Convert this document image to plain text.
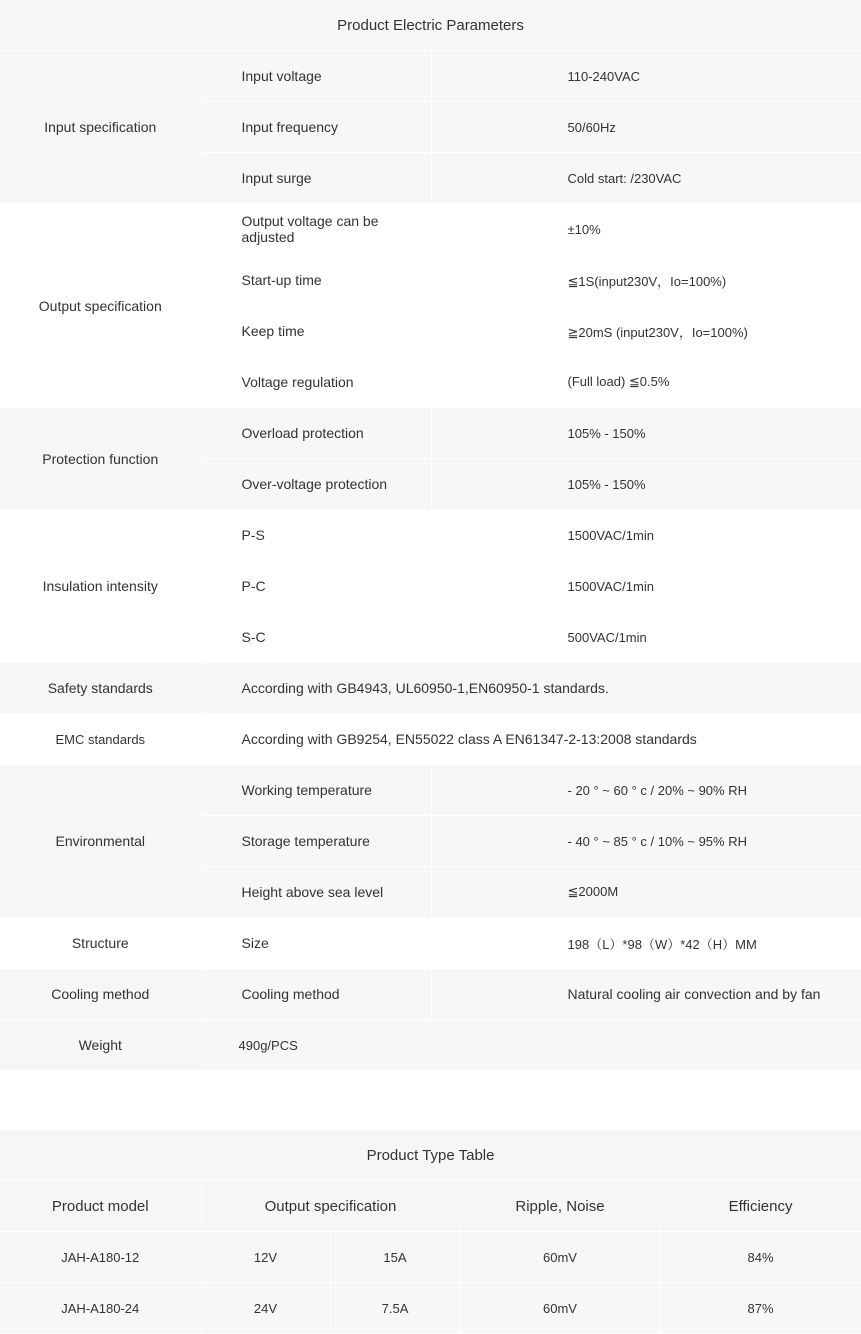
Product Electric Parameters		
Input specification	Input voltage	110-240VAC
	Input frequency	50/60Hz
	Input surge	Cold start: /230VAC
Output specification	Output voltage can be adjusted	±10%
	Start-up time	≦1S(input230V，Io=100%)
	Keep time	≧20mS (input230V，Io=100%)
	Voltage regulation	(Full load) ≦0.5%
Protection function	Overload protection	105% - 150%
	Over-voltage protection	105% - 150%
Insulation intensity	P-S	1500VAC/1min
	P-C	1500VAC/1min
	S-C	500VAC/1min
Safety standards	According with GB4943, UL60950-1,EN60950-1 standards.	
EMC standards	According with GB9254, EN55022 class A EN61347-2-13:2008 standards	
Environmental	Working temperature	- 20 ° ~ 60 ° c / 20% ~ 90% RH
	Storage temperature	- 40 ° ~ 85 ° c / 10% ~ 95% RH
	Height above sea level	≦2000M
Structure	Size	198（L）*98（W）*42（H）MM
Cooling method	Cooling method	Natural cooling air convection and by fan
Weight	490g/PCS	
Product Type Table				
Product model	Output specification		Ripple, Noise	Efficiency
JAH-A180-12	12V	15A	60mV	84%
JAH-A180-24	24V	7.5A	60mV	87%
